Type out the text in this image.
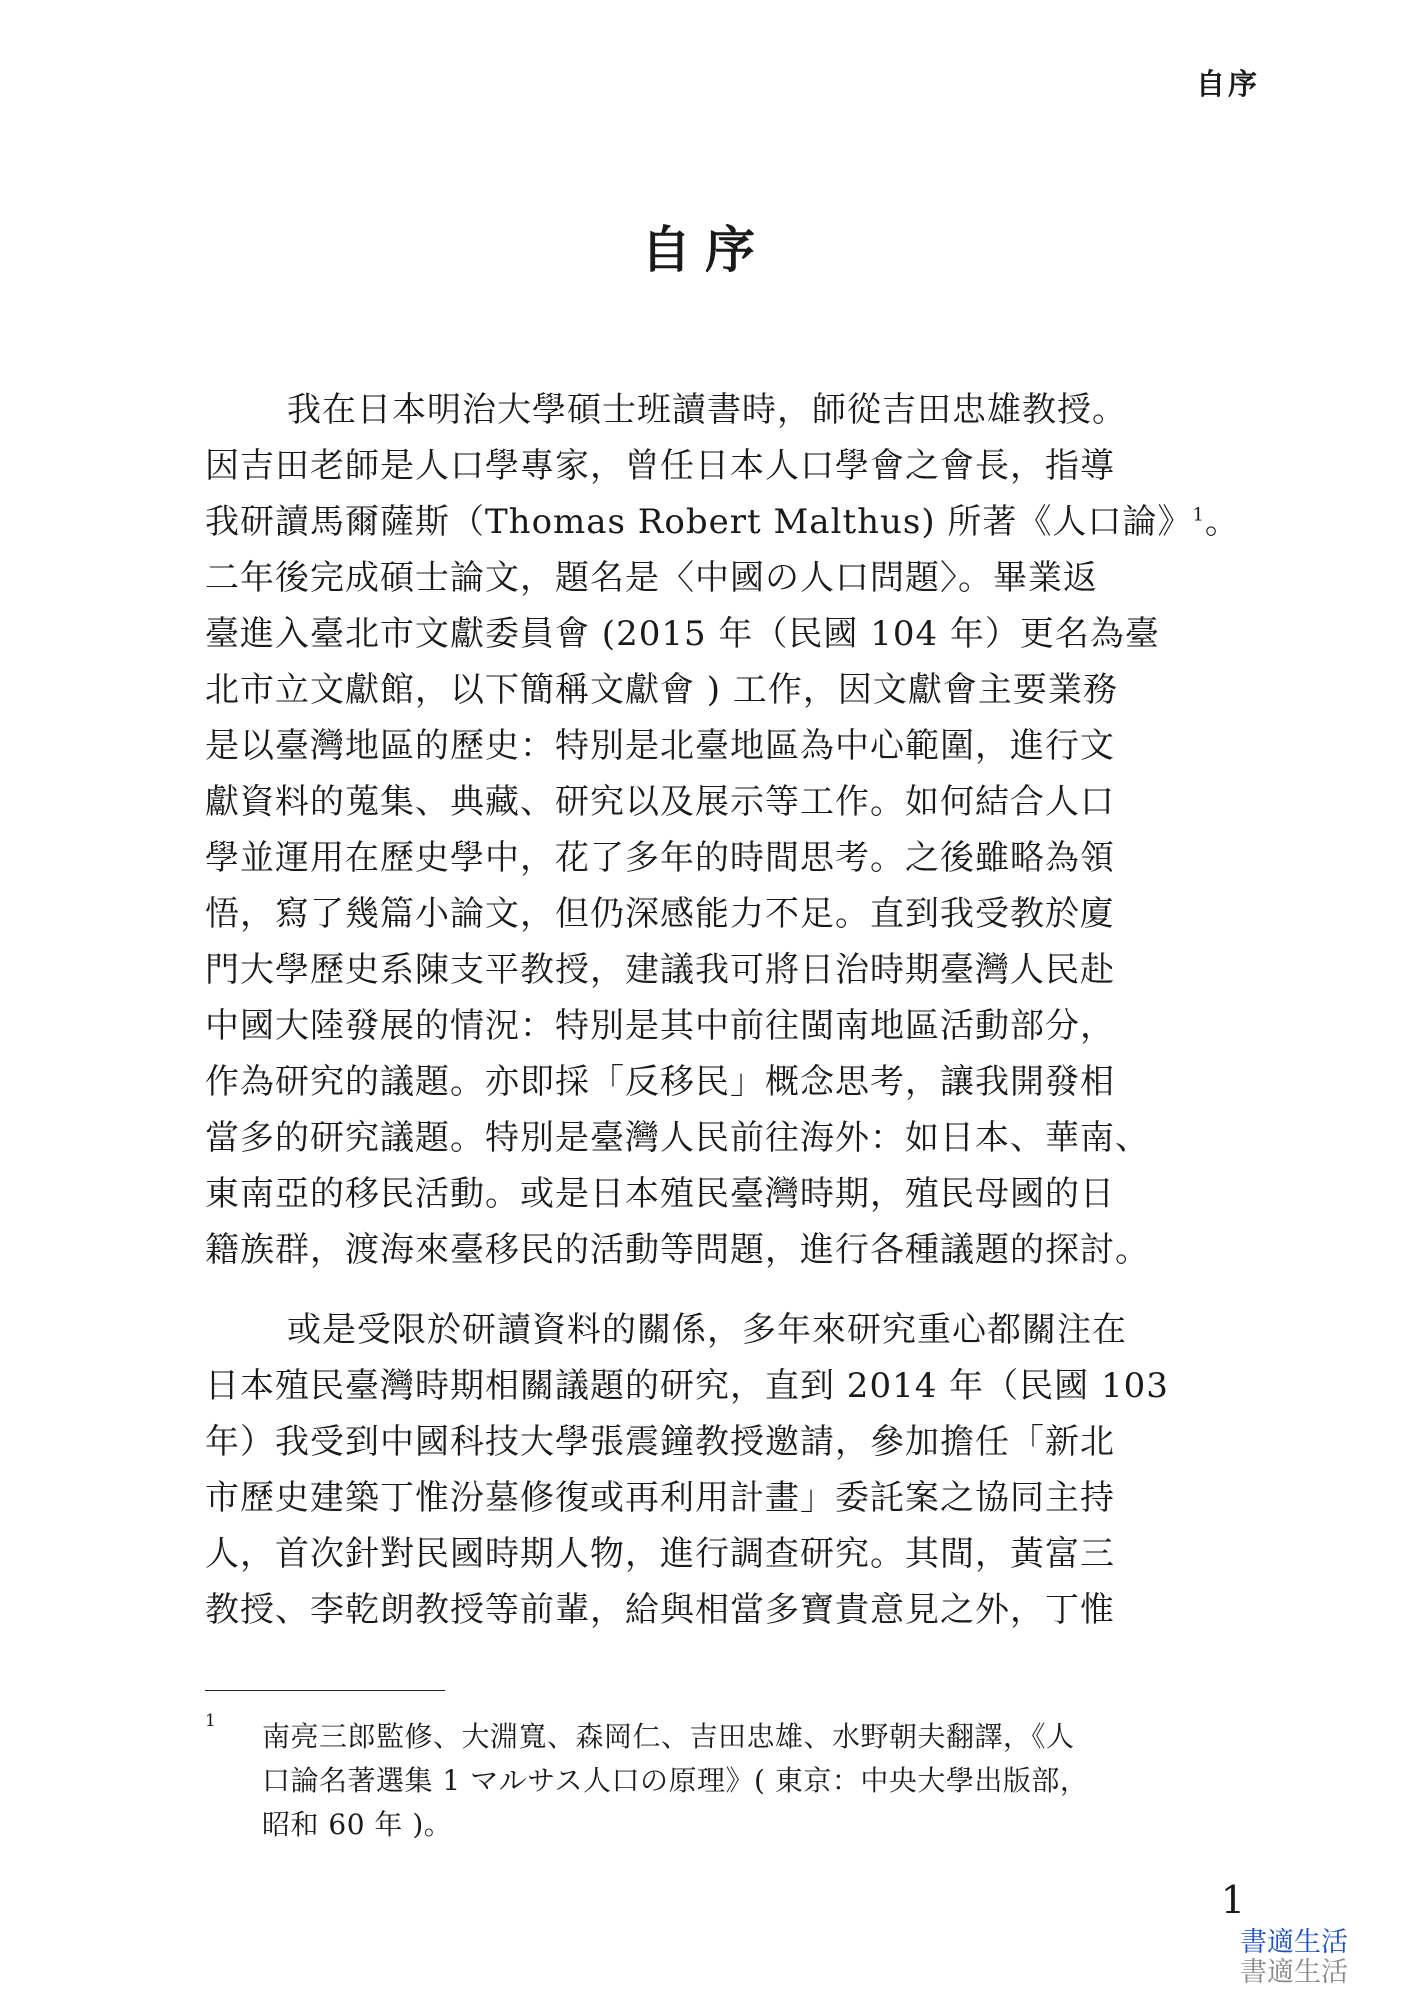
自序
自序
我在日本明治大學碩士班讀書時，師從吉田忠雄教授。
因吉田老師是人口學專家，曾任日本人口學會之會長，指導
我研讀馬爾薩斯（Thomas Robert Malthus) 所著《人口論》$^1$。
二年後完成碩士論文，題名是〈中國の人口問題〉。畢業返
臺進入臺北市文獻委員會 (2015 年（民國 104 年）更名為臺
北市立文獻館，以下簡稱文獻會 ) 工作，因文獻會主要業務
是以臺灣地區的歷史：特別是北臺地區為中心範圍，進行文
獻資料的蒐集、典藏、研究以及展示等工作。如何結合人口
學並運用在歷史學中，花了多年的時間思考。之後雖略為領
悟，寫了幾篇小論文，但仍深感能力不足。直到我受教於廈
門大學歷史系陳支平教授，建議我可將日治時期臺灣人民赴
中國大陸發展的情況：特別是其中前往閩南地區活動部分，
作為研究的議題。亦即採「反移民」概念思考，讓我開發相
當多的研究議題。特別是臺灣人民前往海外：如日本、華南、
東南亞的移民活動。或是日本殖民臺灣時期，殖民母國的日
籍族群，渡海來臺移民的活動等問題，進行各種議題的探討。
或是受限於研讀資料的關係，多年來研究重心都關注在
日本殖民臺灣時期相關議題的研究，直到 2014 年（民國 103
年）我受到中國科技大學張震鐘教授邀請，參加擔任「新北
市歷史建築丁惟汾墓修復或再利用計畫」委託案之協同主持
人，首次針對民國時期人物，進行調查研究。其間，黃富三
教授、李乾朗教授等前輩，給與相當多寶貴意見之外，丁惟
1 南亮三郎監修、大淵寬、森岡仁、吉田忠雄、水野朝夫翻譯，《人
口論名著選集 1 マルサス人口の原理》( 東京：中央大學出版部，
昭和 60 年 )。
1
書適生活
書適生活
